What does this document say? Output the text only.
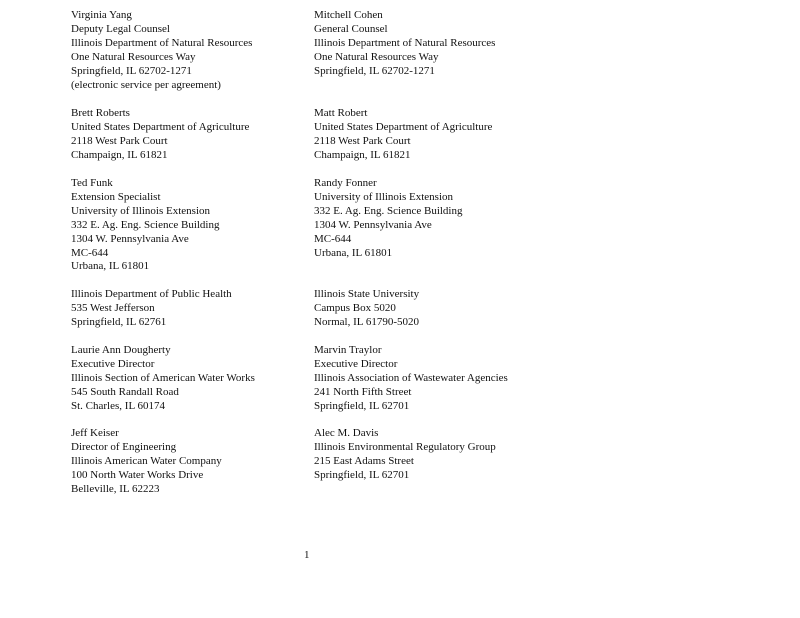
Virginia Yang
Deputy Legal Counsel
Illinois Department of Natural Resources
One Natural Resources Way
Springfield, IL 62702-1271
(electronic service per agreement)
Brett Roberts
United States Department of Agriculture
2118 West Park Court
Champaign, IL 61821
Ted Funk
Extension Specialist
University of Illinois Extension
332 E. Ag. Eng. Science Building
1304 W. Pennsylvania Ave
MC-644
Urbana, IL 61801
Illinois Department of Public Health
535 West Jefferson
Springfield, IL 62761
Laurie Ann Dougherty
Executive Director
Illinois Section of American Water Works
545 South Randall Road
St. Charles, IL 60174
Jeff Keiser
Director of Engineering
Illinois American Water Company
100 North Water Works Drive
Belleville, IL 62223
Mitchell Cohen
General Counsel
Illinois Department of Natural Resources
One Natural Resources Way
Springfield, IL 62702-1271
Matt Robert
United States Department of Agriculture
2118 West Park Court
Champaign, IL 61821
Randy Fonner
University of Illinois Extension
332 E. Ag. Eng. Science Building
1304 W. Pennsylvania Ave
MC-644
Urbana, IL 61801
Illinois State University
Campus Box 5020
Normal, IL 61790-5020
Marvin Traylor
Executive Director
Illinois Association of Wastewater Agencies
241 North Fifth Street
Springfield, IL 62701
Alec M. Davis
Illinois Environmental Regulatory Group
215 East Adams Street
Springfield, IL 62701
1
